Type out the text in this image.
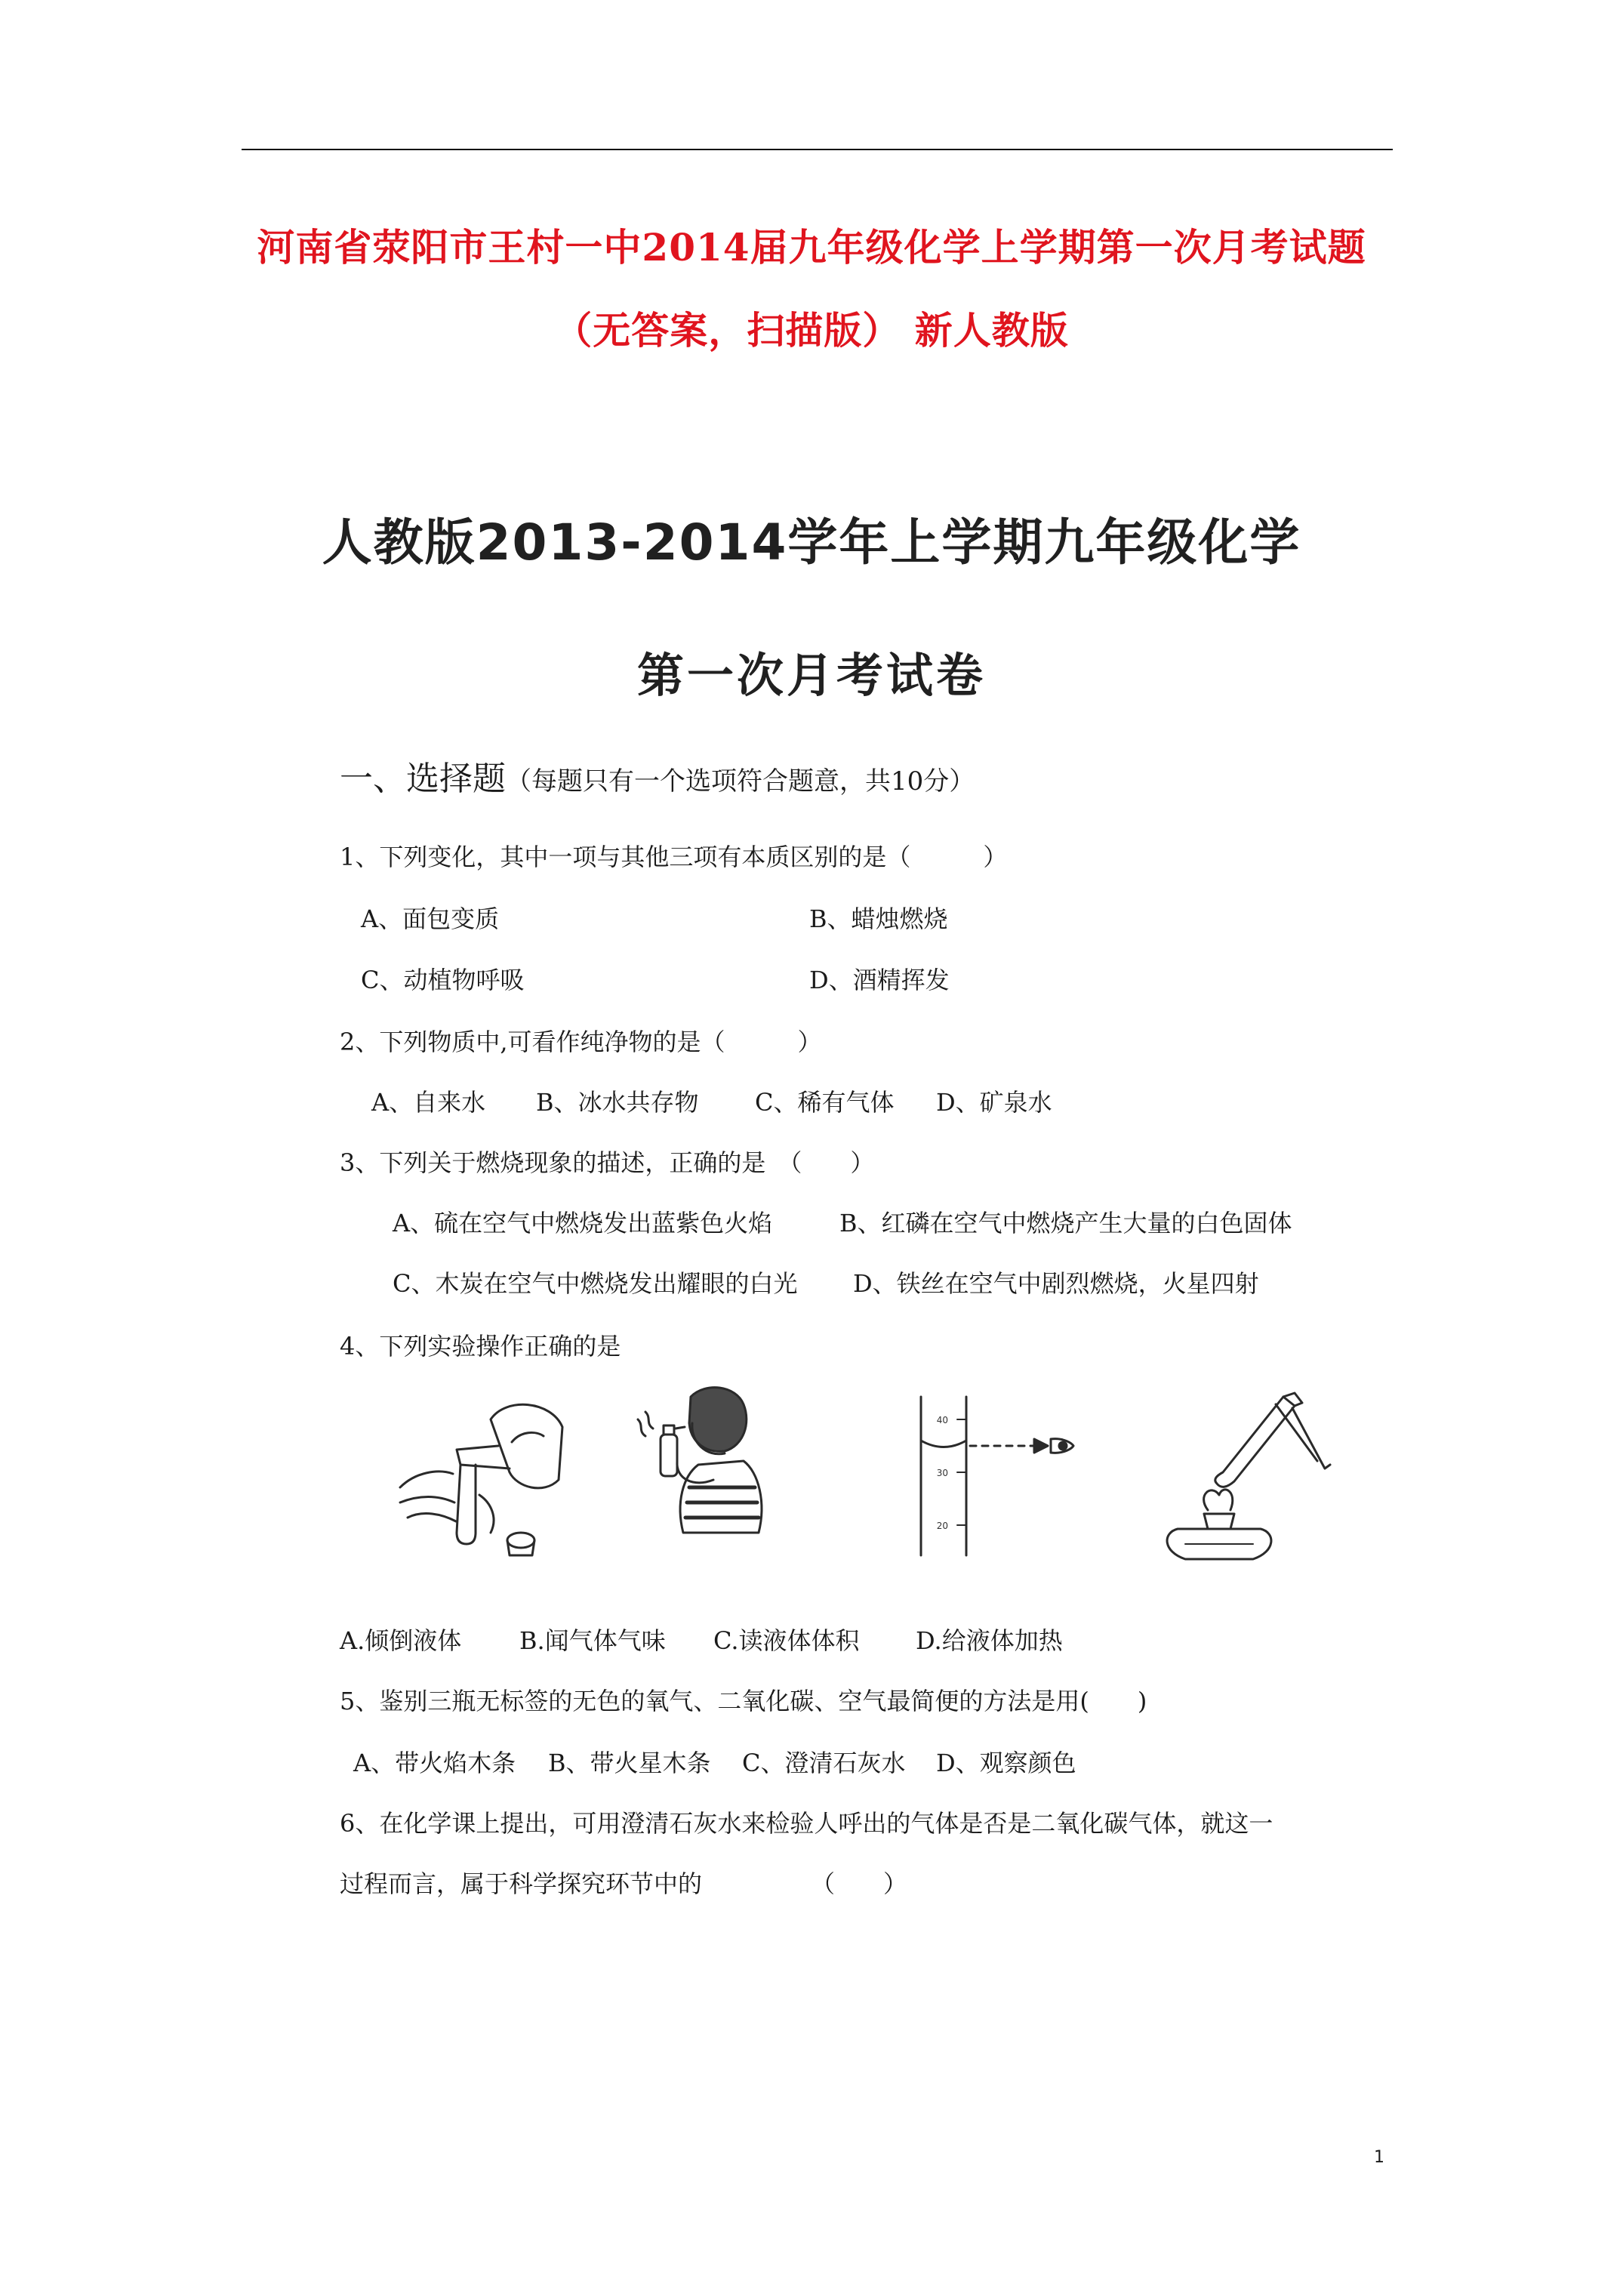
河南省荥阳市王村一中2014届九年级化学上学期第一次月考试题
（无答案，扫描版） 新人教版
人教版2013-2014学年上学期九年级化学
第一次月考试卷
一、选择题（每题只有一个选项符合题意，共10分）
1、下列变化，其中一项与其他三项有本质区别的是（　　　）
A、面包变质	B、蜡烛燃烧
C、动植物呼吸	D、酒精挥发
2、下列物质中,可看作纯净物的是（　　　）
A、自来水 B、冰水共存物 C、稀有气体 D、矿泉水
3、下列关于燃烧现象的描述，正确的是　（　　）
A、硫在空气中燃烧发出蓝紫色火焰	B、红磷在空气中燃烧产生大量的白色固体
C、木炭在空气中燃烧发出耀眼的白光 D、铁丝在空气中剧烈燃烧，火星四射
4、下列实验操作正确的是
40
30
20
A.倾倒液体 B.闻气体气味 C.读液体体积 D.给液体加热
5、鉴别三瓶无标签的无色的氧气、二氧化碳、空气最简便的方法是用(　　)
A、带火焰木条 B、带火星木条 C、澄清石灰水 D、观察颜色
6、在化学课上提出，可用澄清石灰水来检验人呼出的气体是否是二氧化碳气体，就这一
过程而言，属于科学探究环节中的　　　　　（　　）
1
